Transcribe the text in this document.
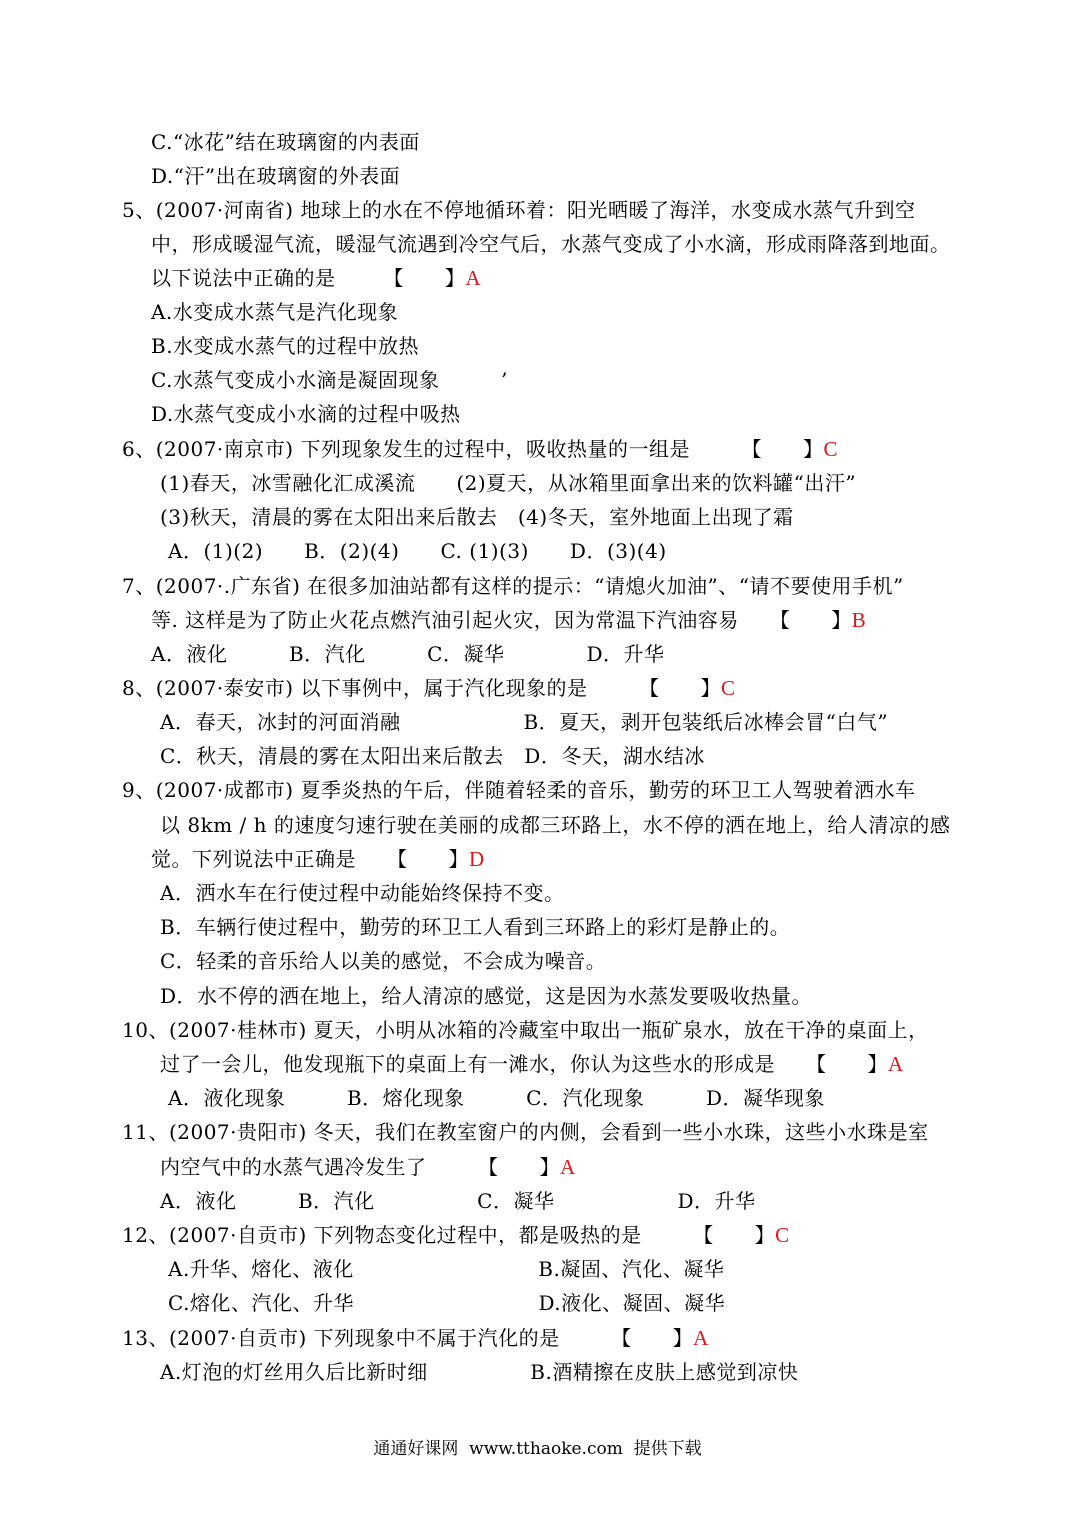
C.“冰花”结在玻璃窗的内表面
D.“汗”出在玻璃窗的外表面
5、(2007·河南省) 地球上的水在不停地循环着：阳光晒暖了海洋，水变成水蒸气升到空
中，形成暖湿气流，暖湿气流遇到冷空气后，水蒸气变成了小水滴，形成雨降落到地面。
以下说法中正确的是　　 【　　】A
A.水变成水蒸气是汽化现象
B.水变成水蒸气的过程中放热
C.水蒸气变成小水滴是凝固现象　　　’
D.水蒸气变成小水滴的过程中吸热
6、(2007·南京市) 下列现象发生的过程中，吸收热量的一组是　　　【　　】C
(1)春天，冰雪融化汇成溪流　　(2)夏天，从冰箱里面拿出来的饮料罐“出汗”
(3)秋天，清晨的雾在太阳出来后散去　(4)冬天，室外地面上出现了霜
A．(1)(2)　　B．(2)(4)　　C. (1)(3)　　D．(3)(4)
7、(2007·.广东省) 在很多加油站都有这样的提示：“请熄火加油”、“请不要使用手机”
等. 这样是为了防止火花点燃汽油引起火灾，因为常温下汽油容易　　【　　】B
A．液化　　　B．汽化　　　C．凝华　　　　D．升华
8、(2007·泰安市) 以下事例中，属于汽化现象的是　　　【　　】C
A．春天，冰封的河面消融　　　　　　B．夏天，剥开包装纸后冰棒会冒“白气”
C．秋天，清晨的雾在太阳出来后散去　D．冬天，湖水结冰
9、(2007·成都市) 夏季炎热的午后，伴随着轻柔的音乐，勤劳的环卫工人驾驶着洒水车
以 8km / h 的速度匀速行驶在美丽的成都三环路上，水不停的洒在地上，给人清凉的感
觉。下列说法中正确是　　【　　】D
A．洒水车在行使过程中动能始终保持不变。
B．车辆行使过程中，勤劳的环卫工人看到三环路上的彩灯是静止的。
C．轻柔的音乐给人以美的感觉，不会成为噪音。
D．水不停的洒在地上，给人清凉的感觉，这是因为水蒸发要吸收热量。
10、(2007·桂林市) 夏天，小明从冰箱的冷藏室中取出一瓶矿泉水，放在干净的桌面上，
过了一会儿，他发现瓶下的桌面上有一滩水，你认为这些水的形成是　　【　　】A
A．液化现象　　　B．熔化现象　　　C．汽化现象　　　D．凝华现象
11、(2007·贵阳市) 冬天，我们在教室窗户的内侧，会看到一些小水珠，这些小水珠是室
内空气中的水蒸气遇冷发生了　　　【　　】A
A．液化　　　B．汽化　　　　　C．凝华　　　　　　D．升华
12、(2007·自贡市) 下列物态变化过程中，都是吸热的是　　　【　　】C
A.升华、熔化、液化　　　　　　　　　B.凝固、汽化、凝华
C.熔化、汽化、升华　　　　　　　　　D.液化、凝固、凝华
13、(2007·自贡市) 下列现象中不属于汽化的是　　　【　　】A
A.灯泡的灯丝用久后比新时细　　　　　B.酒精擦在皮肤上感觉到凉快
通通好课网  www.tthaoke.com  提供下载
